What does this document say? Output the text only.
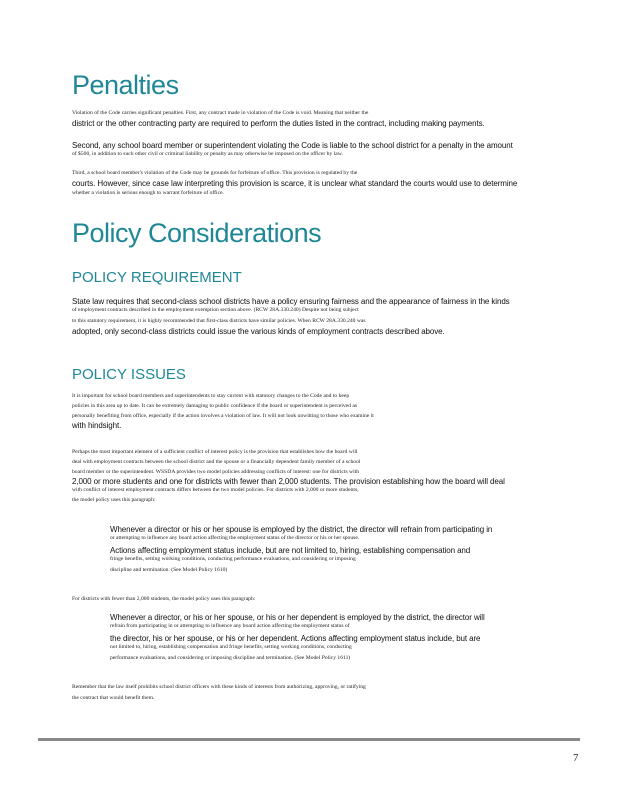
Penalties
Violation of the Code carries significant penalties. First, any contract made in violation of the Code is void. Meaning that neither the
district or the other contracting party are required to perform the duties listed in the contract, including making payments.
Second, any school board member or superintendent violating the Code is liable to the school district for a penalty in the amount
of $500, in addition to such other civil or criminal liability or penalty as may otherwise be imposed on the officer by law.
Third, a school board member's violation of the Code may be grounds for forfeiture of office. This provision is regulated by the
courts. However, since case law interpreting this provision is scarce, it is unclear what standard the courts would use to determine
whether a violation is serious enough to warrant forfeiture of office.
Policy Considerations
POLICY REQUIREMENT
State law requires that second-class school districts have a policy ensuring fairness and the appearance of fairness in the kinds
of employment contracts described in the employment exemption section above. (RCW 28A.330.240) Despite not being subject
to this statutory requirement, it is highly recommended that first-class districts have similar policies. When RCW 28A.330.240 was
adopted, only second-class districts could issue the various kinds of employment contracts described above.
POLICY ISSUES
It is important for school board members and superintendents to stay current with statutory changes to the Code and to keep
policies in this area up to date. It can be extremely damaging to public confidence if the board or superintendent is perceived as
personally benefiting from office, especially if the action involves a violation of law. It will not look unwitting to those who examine it
with hindsight.
Perhaps the most important element of a sufficient conflict of interest policy is the provision that establishes how the board will
deal with employment contracts between the school district and the spouse or a financially dependent family member of a school
board member or the superintendent. WSSDA provides two model policies addressing conflicts of interest: one for districts with
2,000 or more students and one for districts with fewer than 2,000 students. The provision establishing how the board will deal
with conflict of interest employment contracts differs between the two model policies. For districts with 2,000 or more students,
the model policy uses this paragraph:
Whenever a director or his or her spouse is employed by the district, the director will refrain from participating in
or attempting to influence any board action affecting the employment status of the director or his or her spouse.
Actions affecting employment status include, but are not limited to, hiring, establishing compensation and
fringe benefits, setting working conditions, conducting performance evaluations, and considering or imposing
discipline and termination. (See Model Policy 1610)
For districts with fewer than 2,000 students, the model policy uses this paragraph:
Whenever a director, or his or her spouse, or his or her dependent is employed by the district, the director will
refrain from participating in or attempting to influence any board action affecting the employment status of
the director, his or her spouse, or his or her dependent. Actions affecting employment status include, but are
not limited to, hiring, establishing compensation and fringe benefits, setting working conditions, conducting
performance evaluations, and considering or imposing discipline and termination. (See Model Policy 1611)
Remember that the law itself prohibits school district officers with these kinds of interests from authorizing, approving, or ratifying
the contract that would benefit them.
7
